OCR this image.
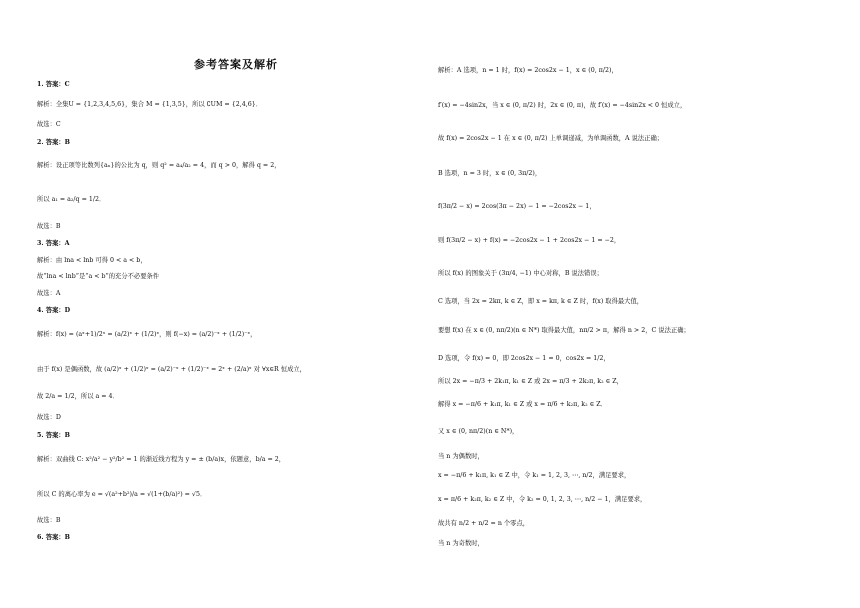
参考答案及解析
1. 答案：C
解析：全集U = {1,2,3,4,5,6}，集合 M = {1,3,5}，所以 ∁UM = {2,4,6}．
故选：C
2. 答案：B
解析：设正项等比数列{aₙ}的公比为 q，则 q² = a₄/a₂ = 4，而 q > 0，解得 q = 2，
所以 a₁ = a₂/q = 1/2．
故选：B
3. 答案：A
解析：由 lna < lnb 可得 0 < a < b，
故“lna < lnb”是“a < b”的充分不必要条件
故选：A
4. 答案：D
解析：f(x) = (aˣ+1)/2ˣ = (a/2)ˣ + (1/2)ˣ，则 f(−x) = (a/2)⁻ˣ + (1/2)⁻ˣ，
由于 f(x) 是偶函数，故 (a/2)ˣ + (1/2)ˣ = (a/2)⁻ˣ + (1/2)⁻ˣ = 2ˣ + (2/a)ˣ 对 ∀x∈R 恒成立，
故 2/a = 1/2，所以 a = 4．
故选：D
5. 答案：B
解析：双曲线 C: x²/a² − y²/b² = 1 的渐近线方程为 y = ± (b/a)x，依题意，b/a = 2，
所以 C 的离心率为 e = √(a²+b²)/a = √(1+(b/a)²) = √5．
故选：B
6. 答案：B
解析：A 选项，n = 1 时，f(x) = 2cos2x − 1，x ∈ (0, π/2)，
f′(x) = −4sin2x，当 x ∈ (0, π/2) 时，2x ∈ (0, π)，故 f′(x) = −4sin2x < 0 恒成立，
故 f(x) = 2cos2x − 1 在 x ∈ (0, π/2) 上单调递减，为单调函数，A 说法正确；
B 选项，n = 3 时，x ∈ (0, 3π/2)，
f(3π/2 − x) = 2cos(3π − 2x) − 1 = −2cos2x − 1，
则 f(3π/2 − x) + f(x) = −2cos2x − 1 + 2cos2x − 1 = −2，
所以 f(x) 的图象关于 (3π/4, −1) 中心对称，B 说法错误；
C 选项，当 2x = 2kπ, k ∈ Z，即 x = kπ, k ∈ Z 时，f(x) 取得最大值，
要想 f(x) 在 x ∈ (0, nπ/2)(n ∈ N*) 取得最大值，nπ/2 > π，解得 n > 2，C 说法正确；
D 选项，令 f(x) = 0，即 2cos2x − 1 = 0，cos2x = 1/2，
所以 2x = −π/3 + 2k₁π, k₁ ∈ Z 或 2x = π/3 + 2k₂π, k₂ ∈ Z，
解得 x = −π/6 + k₁π, k₁ ∈ Z 或 x = π/6 + k₂π, k₂ ∈ Z．
又 x ∈ (0, nπ/2)(n ∈ N*)，
当 n 为偶数时，
x = −π/6 + k₁π, k₁ ∈ Z 中，令 k₁ = 1, 2, 3, ⋯, n/2，满足要求，
x = π/6 + k₂π, k₂ ∈ Z 中，令 k₂ = 0, 1, 2, 3, ⋯, n/2 − 1，满足要求，
故共有 n/2 + n/2 = n 个零点，
当 n 为奇数时，
